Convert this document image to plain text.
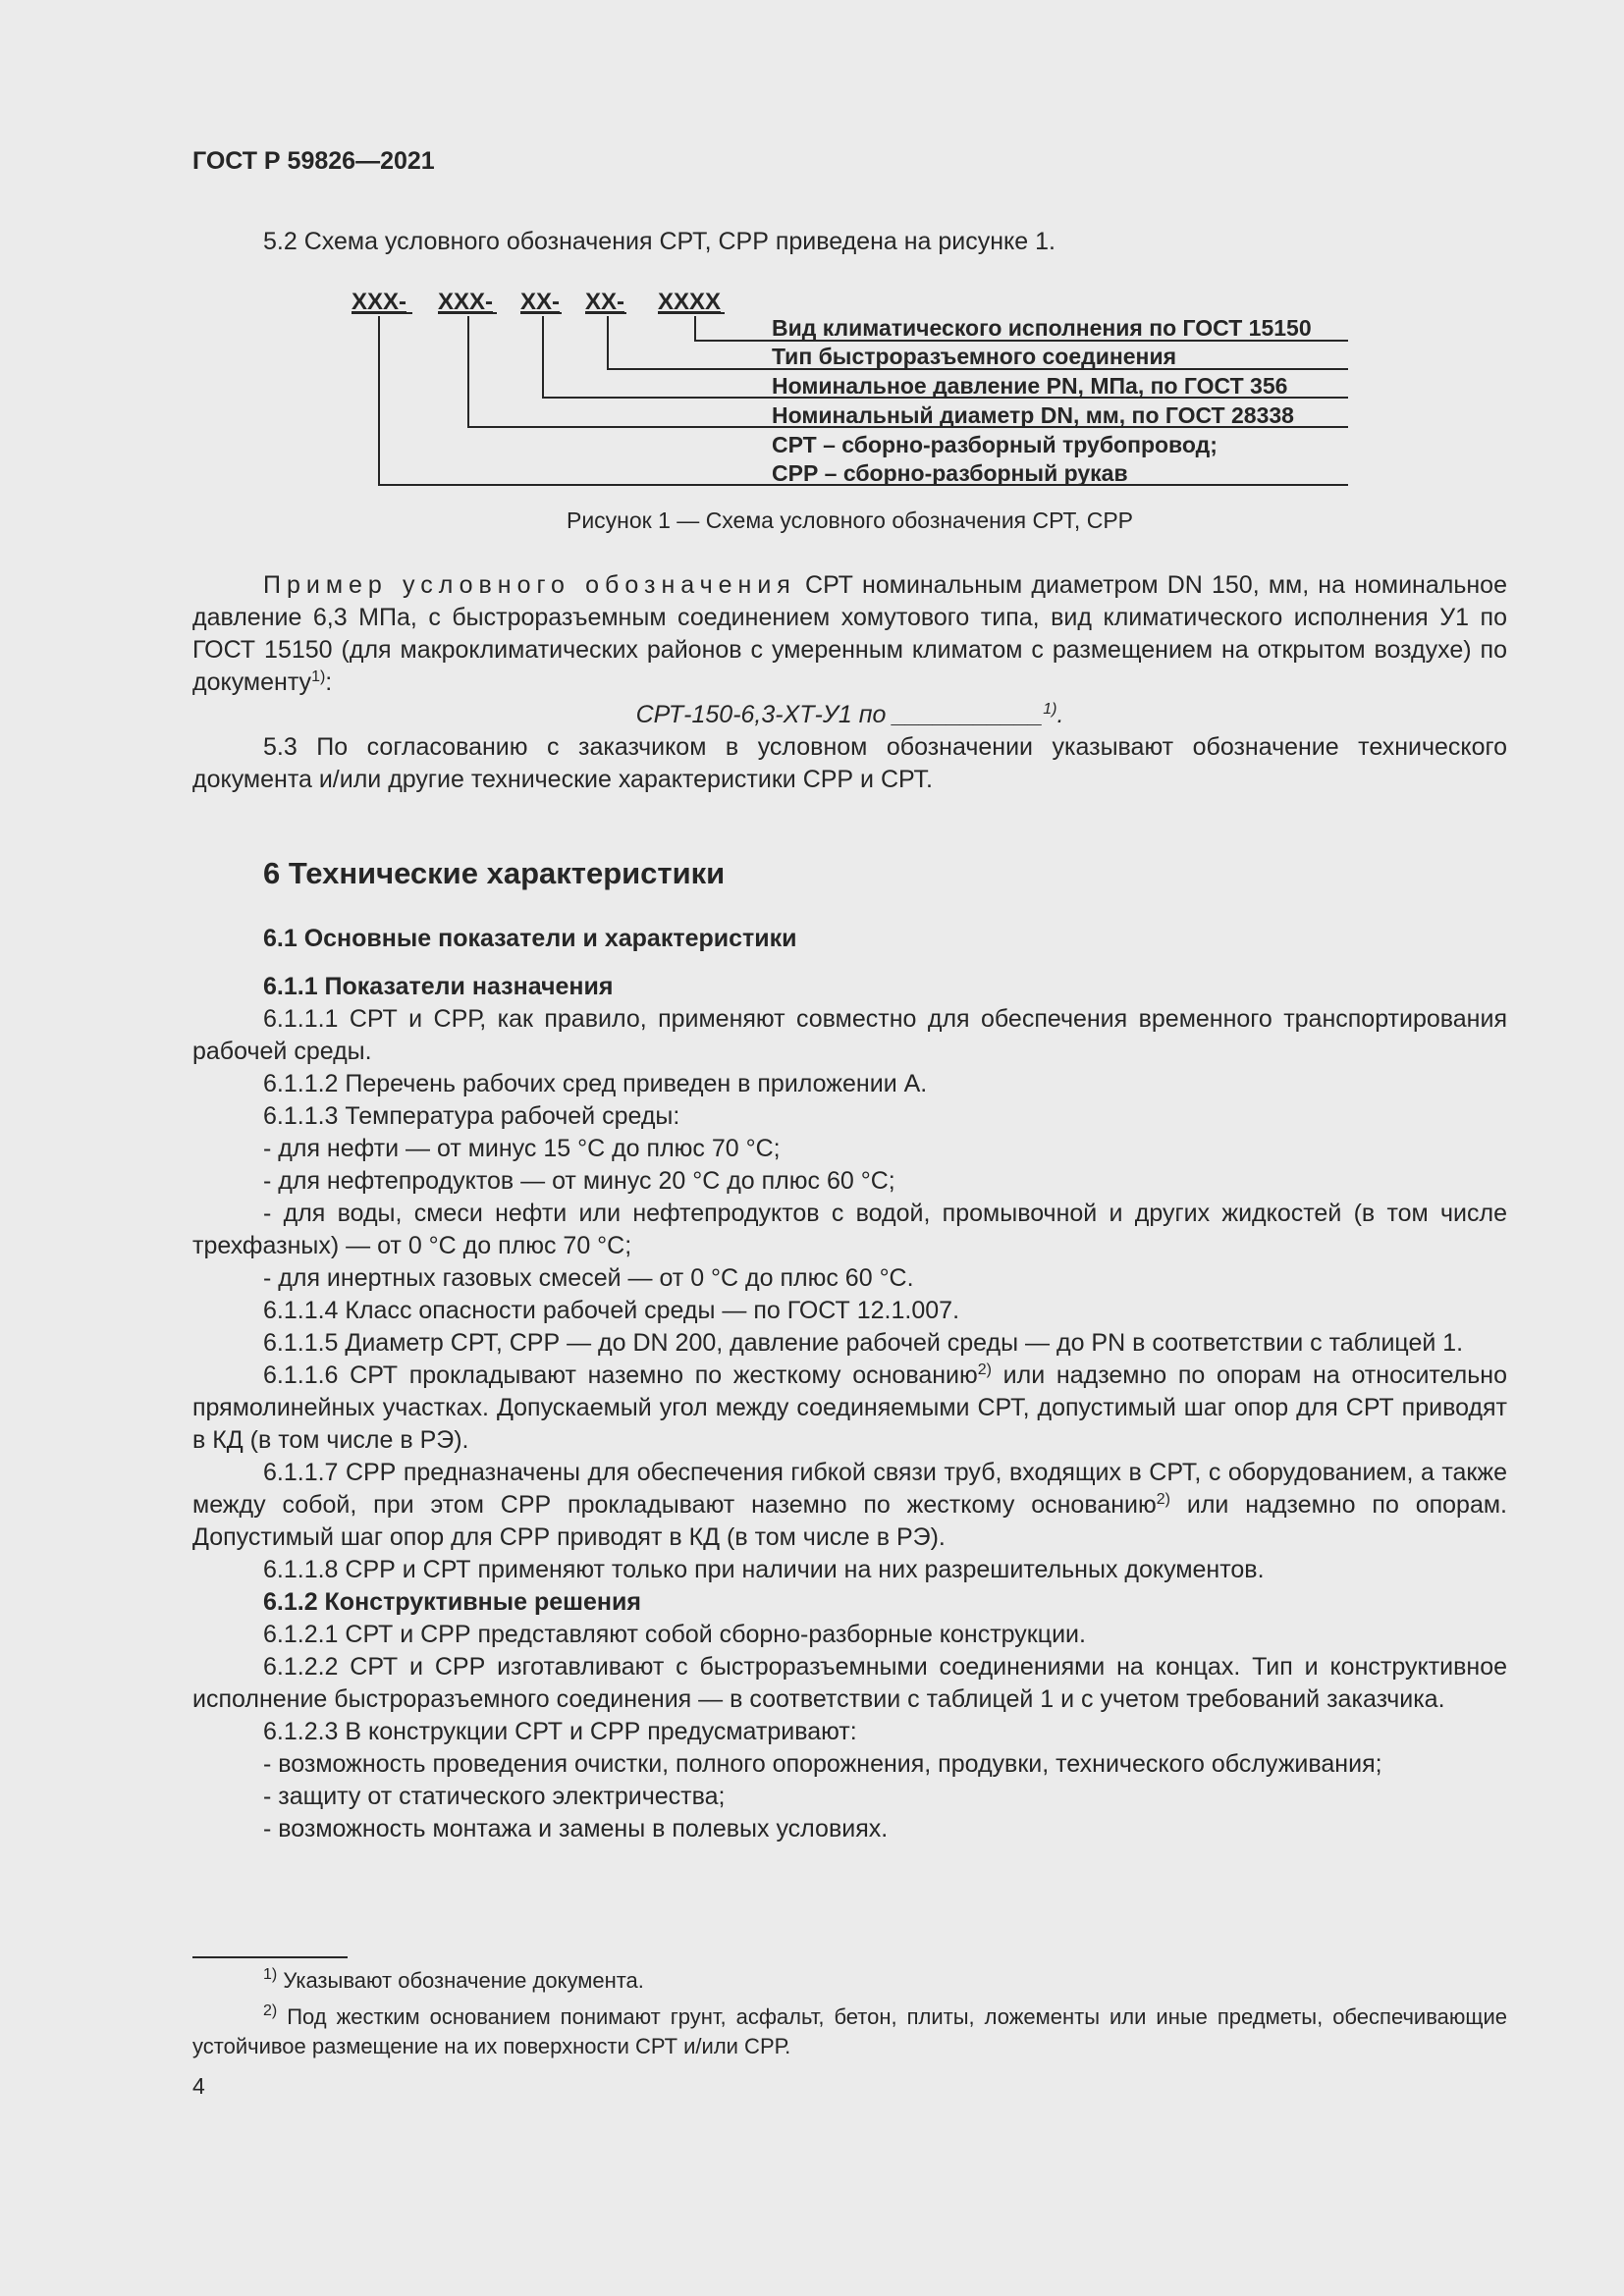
ГОСТ Р 59826—2021

5.2 Схема условного обозначения СРТ, СРР приведена на рисунке 1.

ХХХ- ХХХ- ХХ- ХХ- ХХХХ
Вид климатического исполнения по ГОСТ 15150
Тип быстроразъемного соединения
Номинальное давление PN, МПа, по ГОСТ 356
Номинальный диаметр DN, мм, по ГОСТ 28338
СРТ – сборно-разборный трубопровод;
СРР – сборно-разборный рукав
Рисунок 1 — Схема условного обозначения СРТ, СРР

Пример условного обозначения СРТ номинальным диаметром DN 150, мм, на номинальное давление 6,3 МПа, с быстроразъемным соединением хомутового типа, вид климатического исполнения У1 по ГОСТ 15150 (для макроклиматических районов с умеренным климатом с размещением на открытом воздухе) по документу$^{1)}$:

СРТ-150-6,3-ХТ-У1 по ___________$^{1)}$.

5.3 По согласованию с заказчиком в условном обозначении указывают обозначение технического документа и/или другие технические характеристики СРР и СРТ.

6 Технические характеристики
6.1 Основные показатели и характеристики

6.1.1 Показатели назначения

6.1.1.1 СРТ и СРР, как правило, применяют совместно для обеспечения временного транспортирования рабочей среды.

6.1.1.2 Перечень рабочих сред приведен в приложении А.

6.1.1.3 Температура рабочей среды:

- для нефти — от минус 15 °С до плюс 70 °С;

- для нефтепродуктов — от минус 20 °С до плюс 60 °С;

- для воды, смеси нефти или нефтепродуктов с водой, промывочной и других жидкостей (в том числе трехфазных) — от 0 °С до плюс 70 °С;

- для инертных газовых смесей — от 0 °С до плюс 60 °С.

6.1.1.4 Класс опасности рабочей среды — по ГОСТ 12.1.007.

6.1.1.5 Диаметр СРТ, СРР — до DN 200, давление рабочей среды — до PN в соответствии с таблицей 1.

6.1.1.6 СРТ прокладывают наземно по жесткому основанию$^{2)}$ или надземно по опорам на относительно прямолинейных участках. Допускаемый угол между соединяемыми СРТ, допустимый шаг опор для СРТ приводят в КД (в том числе в РЭ).

6.1.1.7 СРР предназначены для обеспечения гибкой связи труб, входящих в СРТ, с оборудованием, а также между собой, при этом СРР прокладывают наземно по жесткому основанию$^{2)}$ или надземно по опорам. Допустимый шаг опор для СРР приводят в КД (в том числе в РЭ).

6.1.1.8 СРР и СРТ применяют только при наличии на них разрешительных документов.

6.1.2 Конструктивные решения

6.1.2.1 СРТ и СРР представляют собой сборно-разборные конструкции.

6.1.2.2 СРТ и СРР изготавливают с быстроразъемными соединениями на концах. Тип и конструктивное исполнение быстроразъемного соединения — в соответствии с таблицей 1 и с учетом требований заказчика.

6.1.2.3 В конструкции СРТ и СРР предусматривают:

- возможность проведения очистки, полного опорожнения, продувки, технического обслуживания;

- защиту от статического электричества;

- возможность монтажа и замены в полевых условиях.

$^{1)}$ Указывают обозначение документа.

$^{2)}$ Под жестким основанием понимают грунт, асфальт, бетон, плиты, ложементы или иные предметы, обеспечивающие устойчивое размещение на их поверхности СРТ и/или СРР.

4
